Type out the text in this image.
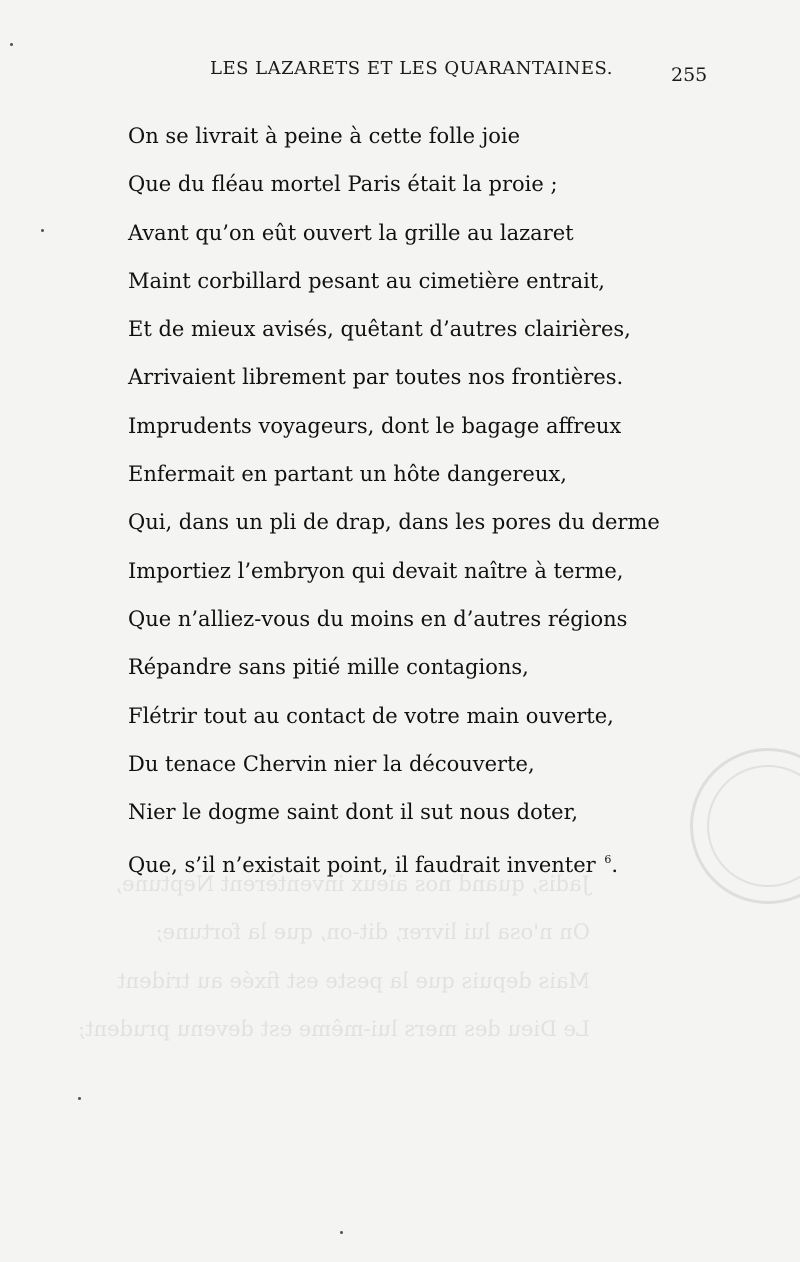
Jadis, quand nos aïeux inventèrent Neptune,
On n'osa lui livrer, dit-on, que la fortune;
Mais depuis que la peste est fixée au trident
Le Dieu des mers lui-même est devenu prudent;
LES LAZARETS ET LES QUARANTAINES.	255
On se livrait à peine à cette folle joie
Que du fléau mortel Paris était la proie ;
Avant qu’on eût ouvert la grille au lazaret
Maint corbillard pesant au cimetière entrait,
Et de mieux avisés, quêtant d’autres clairières,
Arrivaient librement par toutes nos frontières.
Imprudents voyageurs, dont le bagage affreux
Enfermait en partant un hôte dangereux,
Qui, dans un pli de drap, dans les pores du derme
Importiez l’embryon qui devait naître à terme,
Que n’alliez-vous du moins en d’autres régions
Répandre sans pitié mille contagions,
Flétrir tout au contact de votre main ouverte,
Du tenace Chervin nier la découverte,
Nier le dogme saint dont il sut nous doter,
Que, s’il n’existait point, il faudrait inventer $^6$.
